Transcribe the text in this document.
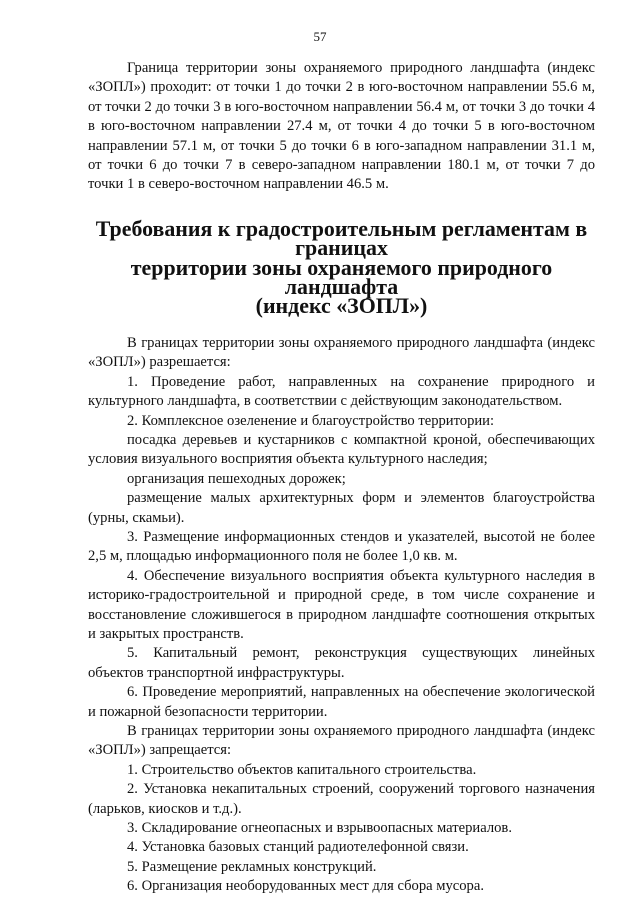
57

Граница территории зоны охраняемого природного ландшафта (индекс «ЗОПЛ») проходит: от точки 1 до точки 2 в юго-восточном направлении 55.6 м, от точки 2 до точки 3 в юго-восточном направлении 56.4 м, от точки 3 до точки 4 в юго-восточном направлении 27.4 м, от точки 4 до точки 5 в юго-восточном направлении 57.1 м, от точки 5 до точки 6 в юго-западном направлении 31.1 м, от точки 6 до точки 7 в северо-западном направлении 180.1 м, от точки 7 до точки 1 в северо-восточном направлении 46.5 м.

Требования к градостроительным регламентам в границах
территории зоны охраняемого природного ландшафта
(индекс «ЗОПЛ»)

В границах территории зоны охраняемого природного ландшафта (индекс «ЗОПЛ») разрешается:

1. Проведение работ, направленных на сохранение природного и культурного ландшафта, в соответствии с действующим законодательством.

2. Комплексное озеленение и благоустройство территории:

посадка деревьев и кустарников с компактной кроной, обеспечивающих условия визуального восприятия объекта культурного наследия;

организация пешеходных дорожек;

размещение малых архитектурных форм и элементов благоустройства (урны, скамьи).

3. Размещение информационных стендов и указателей, высотой не более 2,5 м, площадью информационного поля не более 1,0 кв. м.

4. Обеспечение визуального восприятия объекта культурного наследия в историко-градостроительной и природной среде, в том числе сохранение и восстановление сложившегося в природном ландшафте соотношения открытых и закрытых пространств.

5. Капитальный ремонт, реконструкция существующих линейных объектов транспортной инфраструктуры.

6. Проведение мероприятий, направленных на обеспечение экологической и пожарной безопасности территории.

В границах территории зоны охраняемого природного ландшафта (индекс «ЗОПЛ») запрещается:

1. Строительство объектов капитального строительства.

2. Установка некапитальных строений, сооружений торгового назначения (ларьков, киосков и т.д.).

3. Складирование огнеопасных и взрывоопасных материалов.

4. Установка базовых станций радиотелефонной связи.

5. Размещение рекламных конструкций.

6. Организация необорудованных мест для сбора мусора.
